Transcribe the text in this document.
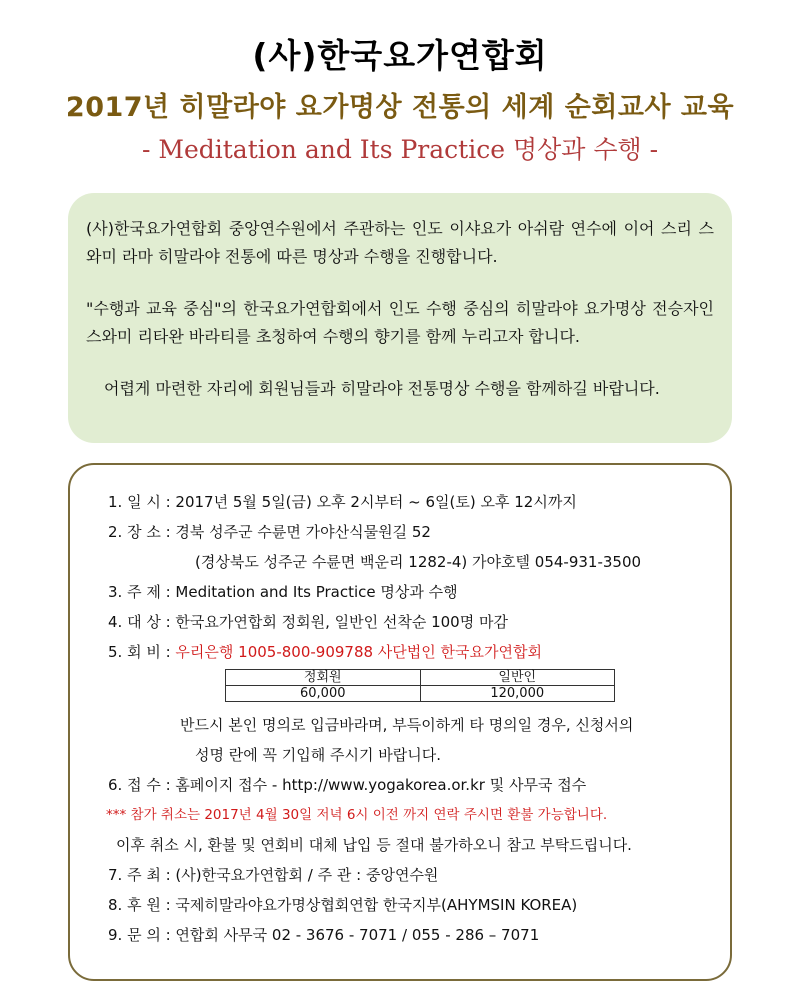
(사)한국요가연합회
2017년 히말라야 요가명상 전통의 세계 순회교사 교육
- Meditation and Its Practice 명상과 수행 -

(사)한국요가연합회 중앙연수원에서 주관하는 인도 이샤요가 아쉬람 연수에 이어 스리 스와미 라마 히말라야 전통에 따른 명상과 수행을 진행합니다.

"수행과 교육 중심"의 한국요가연합회에서 인도 수행 중심의 히말라야 요가명상 전승자인 스와미 리타완 바라티를 초청하여 수행의 향기를 함께 누리고자 합니다.

어렵게 마련한 자리에 회원님들과 히말라야 전통명상 수행을 함께하길 바랍니다.

1. 일 시 : 2017년 5월 5일(금) 오후 2시부터 ~ 6일(토) 오후 12시까지
2. 장 소 : 경북 성주군 수륜면 가야산식물원길 52
(경상북도 성주군 수륜면 백운리 1282-4) 가야호텔 054-931-3500
3. 주 제 : Meditation and Its Practice 명상과 수행
4. 대 상 : 한국요가연합회 정회원, 일반인 선착순 100명 마감
5. 회 비 : 우리은행 1005-800-909788 사단법인 한국요가연합회
정회원	일반인
60,000	120,000
반드시 본인 명의로 입금바라며, 부득이하게 타 명의일 경우, 신청서의
성명 란에 꼭 기입해 주시기 바랍니다.
6. 접 수 : 홈페이지 접수 - http://www.yogakorea.or.kr 및 사무국 접수
*** 참가 취소는 2017년 4월 30일 저녁 6시 이전 까지 연락 주시면 환불 가능합니다.
이후 취소 시, 환불 및 연회비 대체 납입 등 절대 불가하오니 참고 부탁드립니다.
7. 주 최 : (사)한국요가연합회 / 주 관 : 중앙연수원
8. 후 원 : 국제히말라야요가명상협회연합 한국지부(AHYMSIN KOREA)
9. 문 의 : 연합회 사무국 02 - 3676 - 7071 / 055 - 286 – 7071
